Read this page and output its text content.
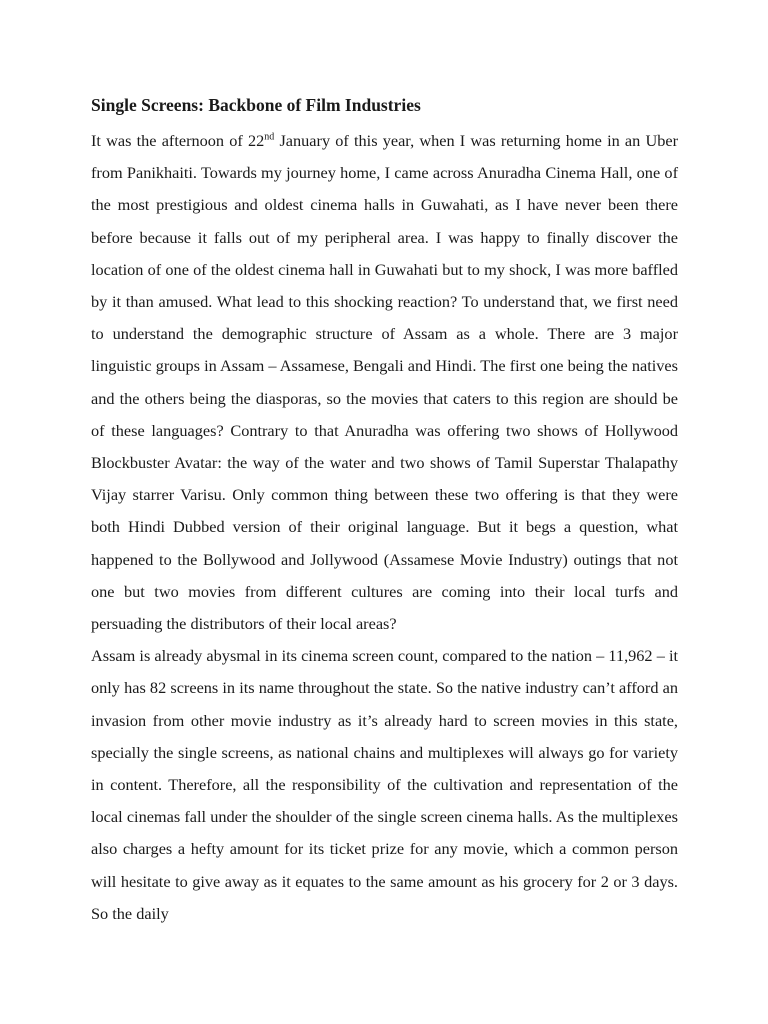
Single Screens: Backbone of Film Industries

It was the afternoon of 22nd January of this year, when I was returning home in an Uber from Panikhaiti. Towards my journey home, I came across Anuradha Cinema Hall, one of the most prestigious and oldest cinema halls in Guwahati, as I have never been there before because it falls out of my peripheral area. I was happy to finally discover the location of one of the oldest cinema hall in Guwahati but to my shock, I was more baffled by it than amused. What lead to this shocking reaction? To understand that, we first need to understand the demographic structure of Assam as a whole. There are 3 major linguistic groups in Assam – Assamese, Bengali and Hindi. The first one being the natives and the others being the diasporas, so the movies that caters to this region are should be of these languages? Contrary to that Anuradha was offering two shows of Hollywood Blockbuster Avatar: the way of the water and two shows of Tamil Superstar Thalapathy Vijay starrer Varisu. Only common thing between these two offering is that they were both Hindi Dubbed version of their original language. But it begs a question, what happened to the Bollywood and Jollywood (Assamese Movie Industry) outings that not one but two movies from different cultures are coming into their local turfs and persuading the distributors of their local areas?

Assam is already abysmal in its cinema screen count, compared to the nation – 11,962 – it only has 82 screens in its name throughout the state. So the native industry can’t afford an invasion from other movie industry as it’s already hard to screen movies in this state, specially the single screens, as national chains and multiplexes will always go for variety in content. Therefore, all the responsibility of the cultivation and representation of the local cinemas fall under the shoulder of the single screen cinema halls. As the multiplexes also charges a hefty amount for its ticket prize for any movie, which a common person will hesitate to give away as it equates to the same amount as his grocery for 2 or 3 days. So the daily
